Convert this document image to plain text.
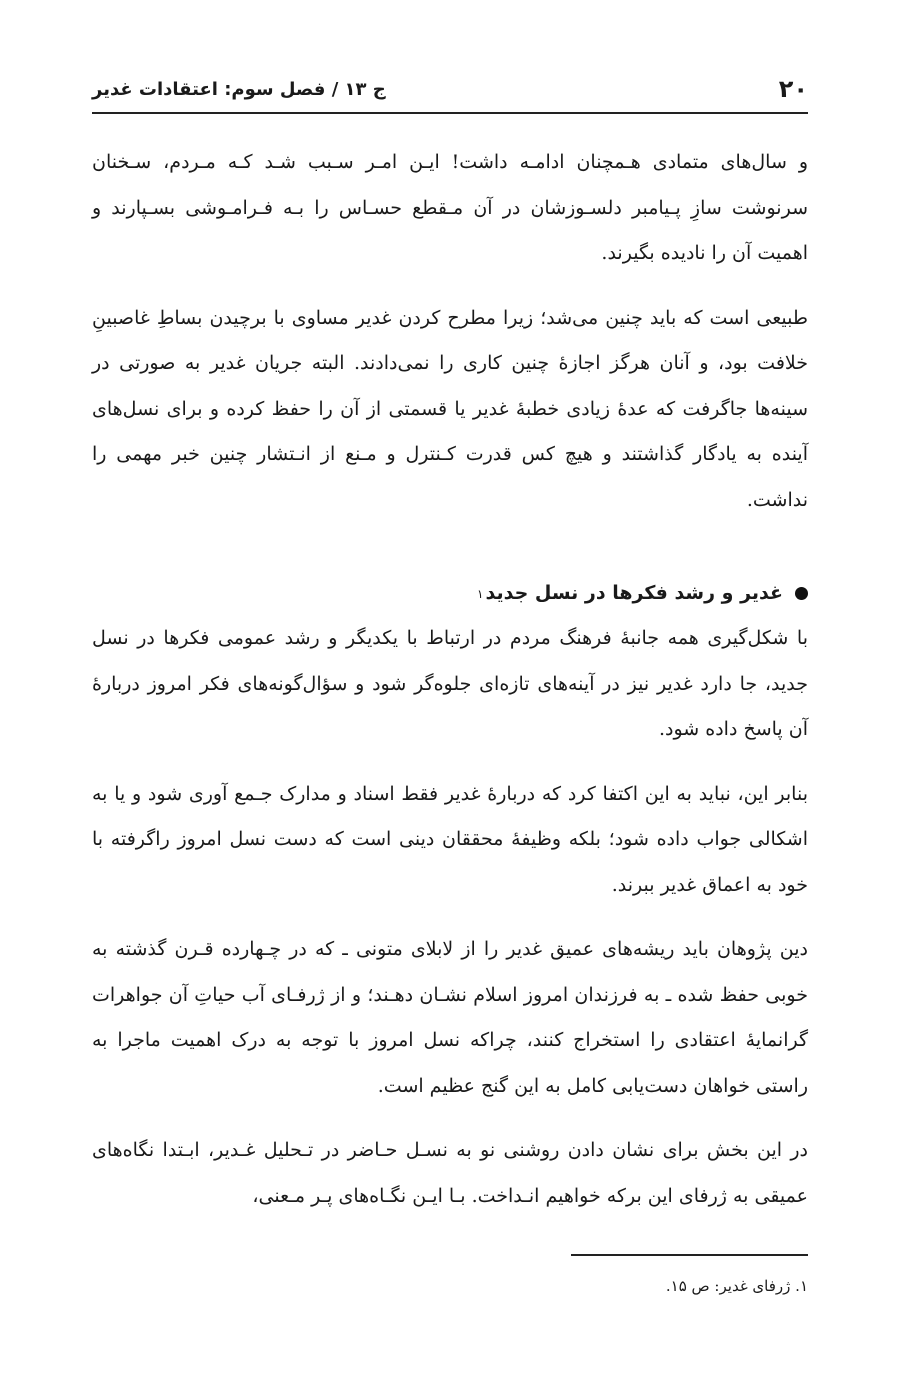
۲۰
ج ۱۳ / فصل سوم: اعتقادات غدیر

و سال‌های متمادی هـمچنان ادامـه داشت! ایـن امـر سـبب شـد کـه مـردم، سـخنان سرنوشت سازِ پـیامبر دلسـوزشان در آن مـقطع حسـاس را بـه فـرامـوشی بسـپارند و اهمیت آن را نادیده بگیرند.

طبیعی است که باید چنین می‌شد؛ زیرا مطرح کردن غدیر مساوی با برچیدن بساطِ غاصبینِ خلافت بود، و آنان هرگز اجازهٔ چنین کاری را نمی‌دادند. البته جریان غدیر به صورتی در سینه‌ها جاگرفت که عدهٔ زیادی خطبهٔ غدیر یا قسمتی از آن را حفظ کرده و برای نسل‌های آینده به یادگار گذاشتند و هیچ کس قدرت کـنترل و مـنع از انـتشار چنین خبر مهمی را نداشت.

غدیر و رشد فکرها در نسل جدید
۱

با شکل‌گیری همه جانبهٔ فرهنگ مردم در ارتباط با یکدیگر و رشد عمومی فکرها در نسل جدید، جا دارد غدیر نیز در آینه‌های تازه‌ای جلوه‌گر شود و سؤال‌گونه‌های فکر امروز دربارهٔ آن پاسخ داده شود.

بنابر این، نباید به این اکتفا کرد که دربارهٔ غدیر فقط اسناد و مدارک جـمع آوری شود و یا به اشکالی جواب داده شود؛ بلکه وظیفهٔ محققان دینی است که دست نسل امروز راگرفته با خود به اعماق غدیر ببرند.

دین پژوهان باید ریشه‌های عمیق غدیر را از لابلای متونی ـ که در چـهارده قـرن گذشته به خوبی حفظ شده ـ به فرزندان امروز اسلام نشـان دهـند؛ و از ژرفـای آب حیاتِ آن جواهرات گرانمایهٔ اعتقادی را استخراج کنند، چراکه نسل امروز با توجه به درک اهمیت ماجرا به راستی خواهان دست‌یابی کامل به این گنج عظیم است.

در این بخش برای نشان دادن روشنی نو به نسـل حـاضر در تـحلیل غـدیر، ابـتدا نگاه‌های عمیقی به ژرفای این برکه خواهیم انـداخت. بـا ایـن نگـاه‌های پـر مـعنی،

۱. ژرفای غدیر: ص ۱۵.
